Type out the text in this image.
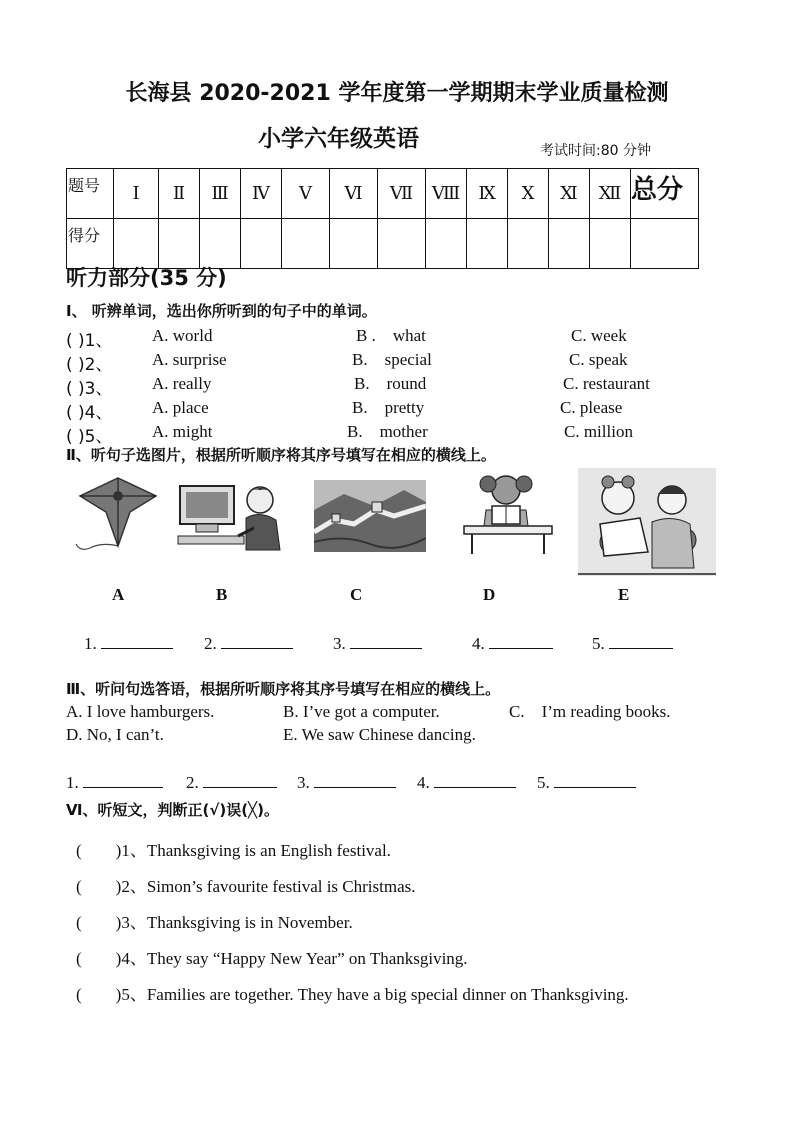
长海县 2020-2021 学年度第一学期期末学业质量检测
小学六年级英语	考试时间:80 分钟
题号	Ⅰ	Ⅱ	Ⅲ	Ⅳ	Ⅴ	Ⅵ	Ⅶ	Ⅷ	Ⅸ	Ⅹ	Ⅺ	Ⅻ	总分
得分													
听力部分(35 分)
Ⅰ、 听辨单词，选出你所听到的句子中的单词。
( )1、 A. world	B .    what	C. week
( )2、 A. surprise	B.    special	C. speak
( )3、 A. really	B.    round	C. restaurant
( )4、 A. place	B.    pretty	C. please
( )5、 A. might	B.    mother	C. million
Ⅱ、听句子选图片，根据所听顺序将其序号填写在相应的横线上。
A	B	C	D	E
1.	2.	3.	4.	5.
Ⅲ、听问句选答语，根据所听顺序将其序号填写在相应的横线上。
A. I love hamburgers.	B. I’ve got a computer.	C.    I’m reading books.
D. No, I can’t.	E. We saw Chinese dancing.
1.	2.	3.	4.	5.
Ⅵ、听短文，判断正(√)误(╳)。
(        )1、Thanksgiving is an English festival.
(        )2、Simon’s favourite festival is Christmas.
(        )3、Thanksgiving is in November.
(        )4、They say “Happy New Year” on Thanksgiving.
(        )5、Families are together. They have a big special dinner on Thanksgiving.
